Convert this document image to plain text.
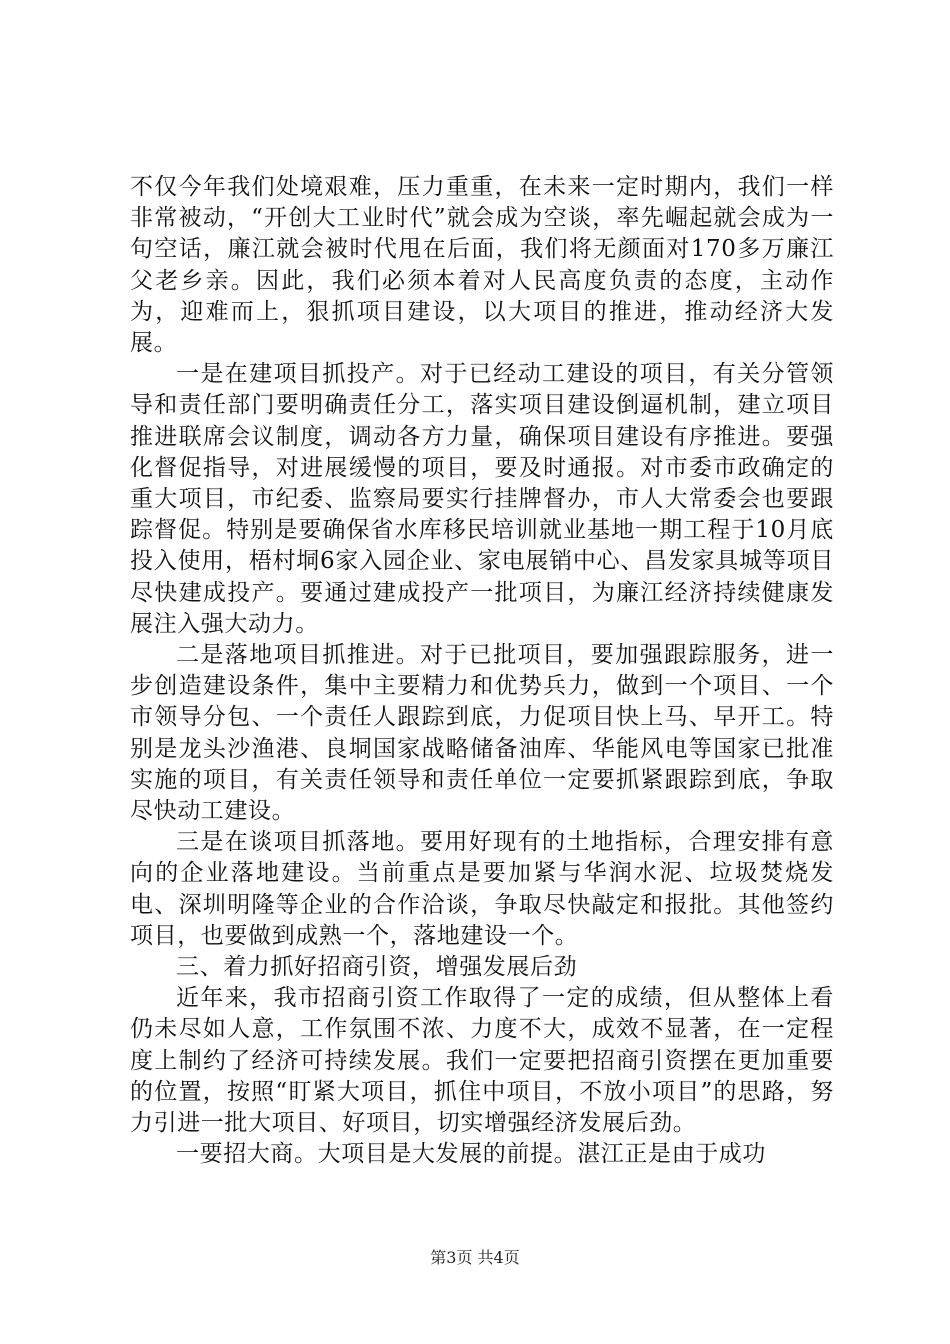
不仅今年我们处境艰难，压力重重，在未来一定时期内，我们一样非常被动，“开创大工业时代”就会成为空谈，率先崛起就会成为一句空话，廉江就会被时代甩在后面，我们将无颜面对170多万廉江父老乡亲。因此，我们必须本着对人民高度负责的态度，主动作为，迎难而上，狠抓项目建设，以大项目的推进，推动经济大发展。

一是在建项目抓投产。对于已经动工建设的项目，有关分管领导和责任部门要明确责任分工，落实项目建设倒逼机制，建立项目推进联席会议制度，调动各方力量，确保项目建设有序推进。要强化督促指导，对进展缓慢的项目，要及时通报。对市委市政确定的重大项目，市纪委、监察局要实行挂牌督办，市人大常委会也要跟踪督促。特别是要确保省水库移民培训就业基地一期工程于10月底投入使用，梧村垌6家入园企业、家电展销中心、昌发家具城等项目尽快建成投产。要通过建成投产一批项目，为廉江经济持续健康发展注入强大动力。

二是落地项目抓推进。对于已批项目，要加强跟踪服务，进一步创造建设条件，集中主要精力和优势兵力，做到一个项目、一个市领导分包、一个责任人跟踪到底，力促项目快上马、早开工。特别是龙头沙渔港、良垌国家战略储备油库、华能风电等国家已批准实施的项目，有关责任领导和责任单位一定要抓紧跟踪到底，争取尽快动工建设。

三是在谈项目抓落地。要用好现有的土地指标，合理安排有意向的企业落地建设。当前重点是要加紧与华润水泥、垃圾焚烧发电、深圳明隆等企业的合作洽谈，争取尽快敲定和报批。其他签约项目，也要做到成熟一个，落地建设一个。

三、着力抓好招商引资，增强发展后劲

近年来，我市招商引资工作取得了一定的成绩，但从整体上看仍未尽如人意，工作氛围不浓、力度不大，成效不显著，在一定程度上制约了经济可持续发展。我们一定要把招商引资摆在更加重要的位置，按照“盯紧大项目，抓住中项目，不放小项目”的思路，努力引进一批大项目、好项目，切实增强经济发展后劲。

一要招大商。大项目是大发展的前提。湛江正是由于成功

第3页 共4页
